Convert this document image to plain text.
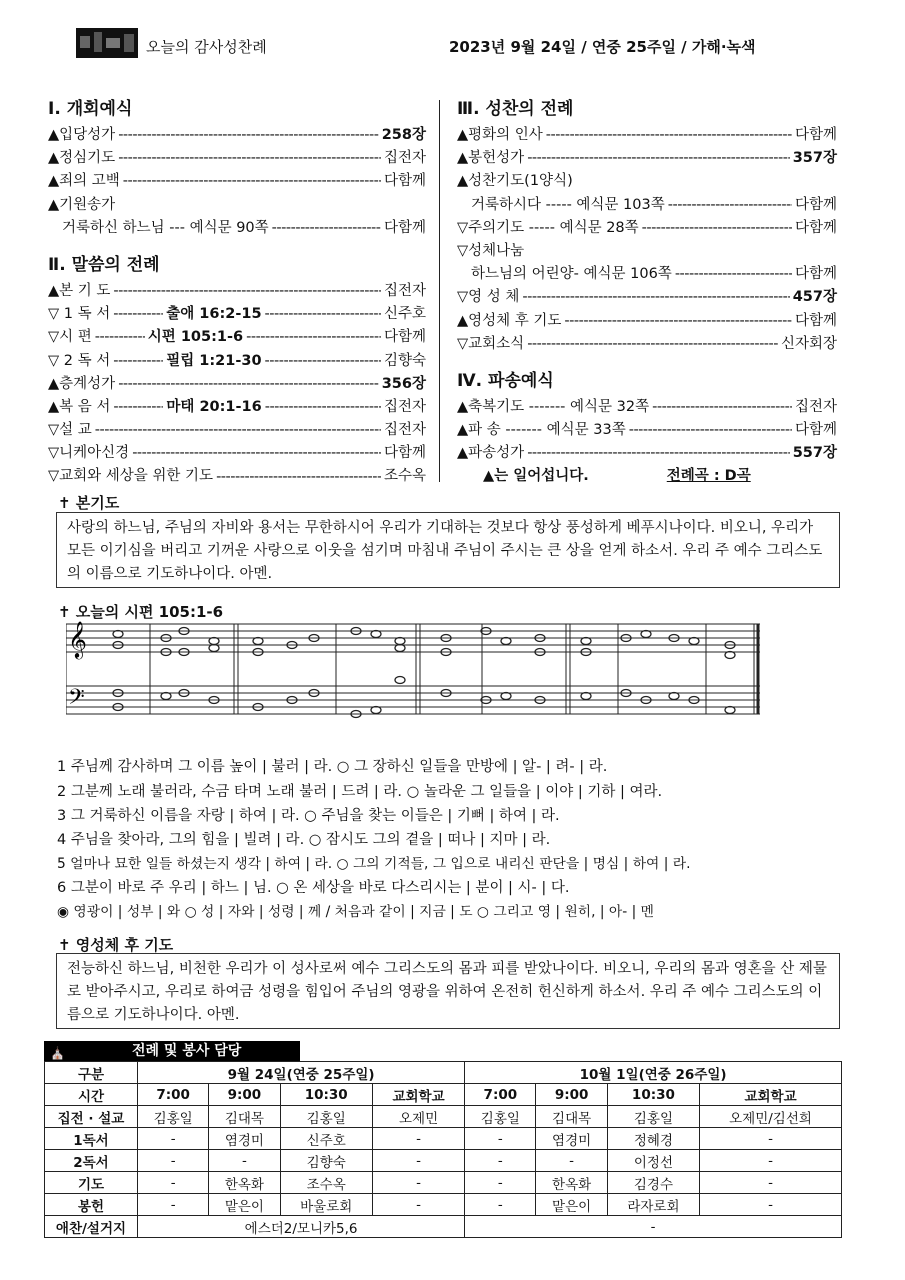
오늘의 감사성찬례	2023년 9월 24일 / 연중 25주일 / 가해·녹색
Ⅰ. 개회예식
▲입당성가 -----	258장
▲정심기도 -----	집전자
▲죄의 고백 -----	다함께
▲기원송가
거룩하신 하느님 ---
예식문 90쪽 -----	다함께
Ⅱ. 말씀의 전례
▲본 기 도 -----	집전자
▽ 1 독 서 -----	출애 16:2-15 -----	신주호
▽시 편 -----	시편 105:1-6 -----	다함께
▽ 2 독 서 -----	필립 1:21-30 -----	김향숙
▲층계성가 -----	356장
▲복 음 서 -----	마태 20:1-16 -----	집전자
▽설 교 -----	집전자
▽니케아신경 -----	다함께
▽교회와 세상을 위한 기도 -----	조수옥
Ⅲ. 성찬의 전례
▲평화의 인사 -----	다함께
▲봉헌성가 -----	357장
▲성찬기도(1양식)
거룩하시다 -----
예식문 103쪽 -----	다함께
▽주의기도 -----
예식문 28쪽 -----	다함께
▽성체나눔
하느님의 어린양-
예식문 106쪽 -----	다함께
▽영 성 체 -----	457장
▲영성체 후 기도 -----	다함께
▽교회소식 -----	신자회장
Ⅳ. 파송예식
▲축복기도 -------
예식문 32쪽 -----	집전자
▲파 송 -------
예식문 33쪽 -----	다함께
▲파송성가 -----	557장
▲는 일어섭니다.	전례곡 : D곡
✝ 본기도
사랑의 하느님, 주님의 자비와 용서는 무한하시어 우리가 기대하는 것보다 항상 풍성하게 베푸시나이다. 비오니, 우리가 모든 이기심을 버리고 기꺼운 사랑으로 이웃을 섬기며 마침내 주님이 주시는 큰 상을 얻게 하소서. 우리 주 예수 그리스도의 이름으로 기도하나이다. 아멘.
✝ 오늘의 시편 105:1-6
𝄞
𝄢
1 주님께 감사하며 그 이름 높이 | 불러 | 라. ○ 그 장하신 일들을 만방에 | 알- | 려- | 라.
2 그분께 노래 불러라, 수금 타며 노래 불러 | 드려 | 라. ○ 놀라운 그 일들을 | 이야 | 기하 | 여라.
3 그 거룩하신 이름을 자랑 | 하여 | 라. ○ 주님을 찾는 이들은 | 기뻐 | 하여 | 라.
4 주님을 찾아라, 그의 힘을 | 빌려 | 라. ○ 잠시도 그의 곁을 | 떠나 | 지마 | 라.
5 얼마나 묘한 일들 하셨는지 생각 | 하여 | 라. ○ 그의 기적들, 그 입으로 내리신 판단을 | 명심 | 하여 | 라.
6 그분이 바로 주 우리 | 하느 | 님. ○ 온 세상을 바로 다스리시는 | 분이 | 시- | 다.
◉ 영광이 | 성부 | 와 ○ 성 | 자와 | 성령 | 께 / 처음과 같이 | 지금 | 도 ○ 그리고 영 | 원히, | 아- | 멘
✝ 영성체 후 기도
전능하신 하느님, 비천한 우리가 이 성사로써 예수 그리스도의 몸과 피를 받았나이다. 비오니, 우리의 몸과 영혼을 산 제물로 받아주시고, 우리로 하여금 성령을 힘입어 주님의 영광을 위하여 온전히 헌신하게 하소서. 우리 주 예수 그리스도의 이름으로 기도하나이다. 아멘.
⛪	전례 및 봉사 담당
구분	9월 24일(연중 25주일)				10월 1일(연중 26주일)			
시간	7:00	9:00	10:30	교회학교	7:00	9:00	10:30	교회학교
집전 · 설교	김홍일	김대목	김홍일	오제민	김홍일	김대목	김홍일	오제민/김선희
1독서	-	염경미	신주호	-	-	염경미	정혜경	-
2독서	-	-	김향숙	-	-	-	이정선	-
기도	-	한옥화	조수옥	-	-	한옥화	김경수	-
봉헌	-	맡은이	바울로회	-	-	맡은이	라자로회	-
애찬/설거지	에스더2/모니카5,6				-			
